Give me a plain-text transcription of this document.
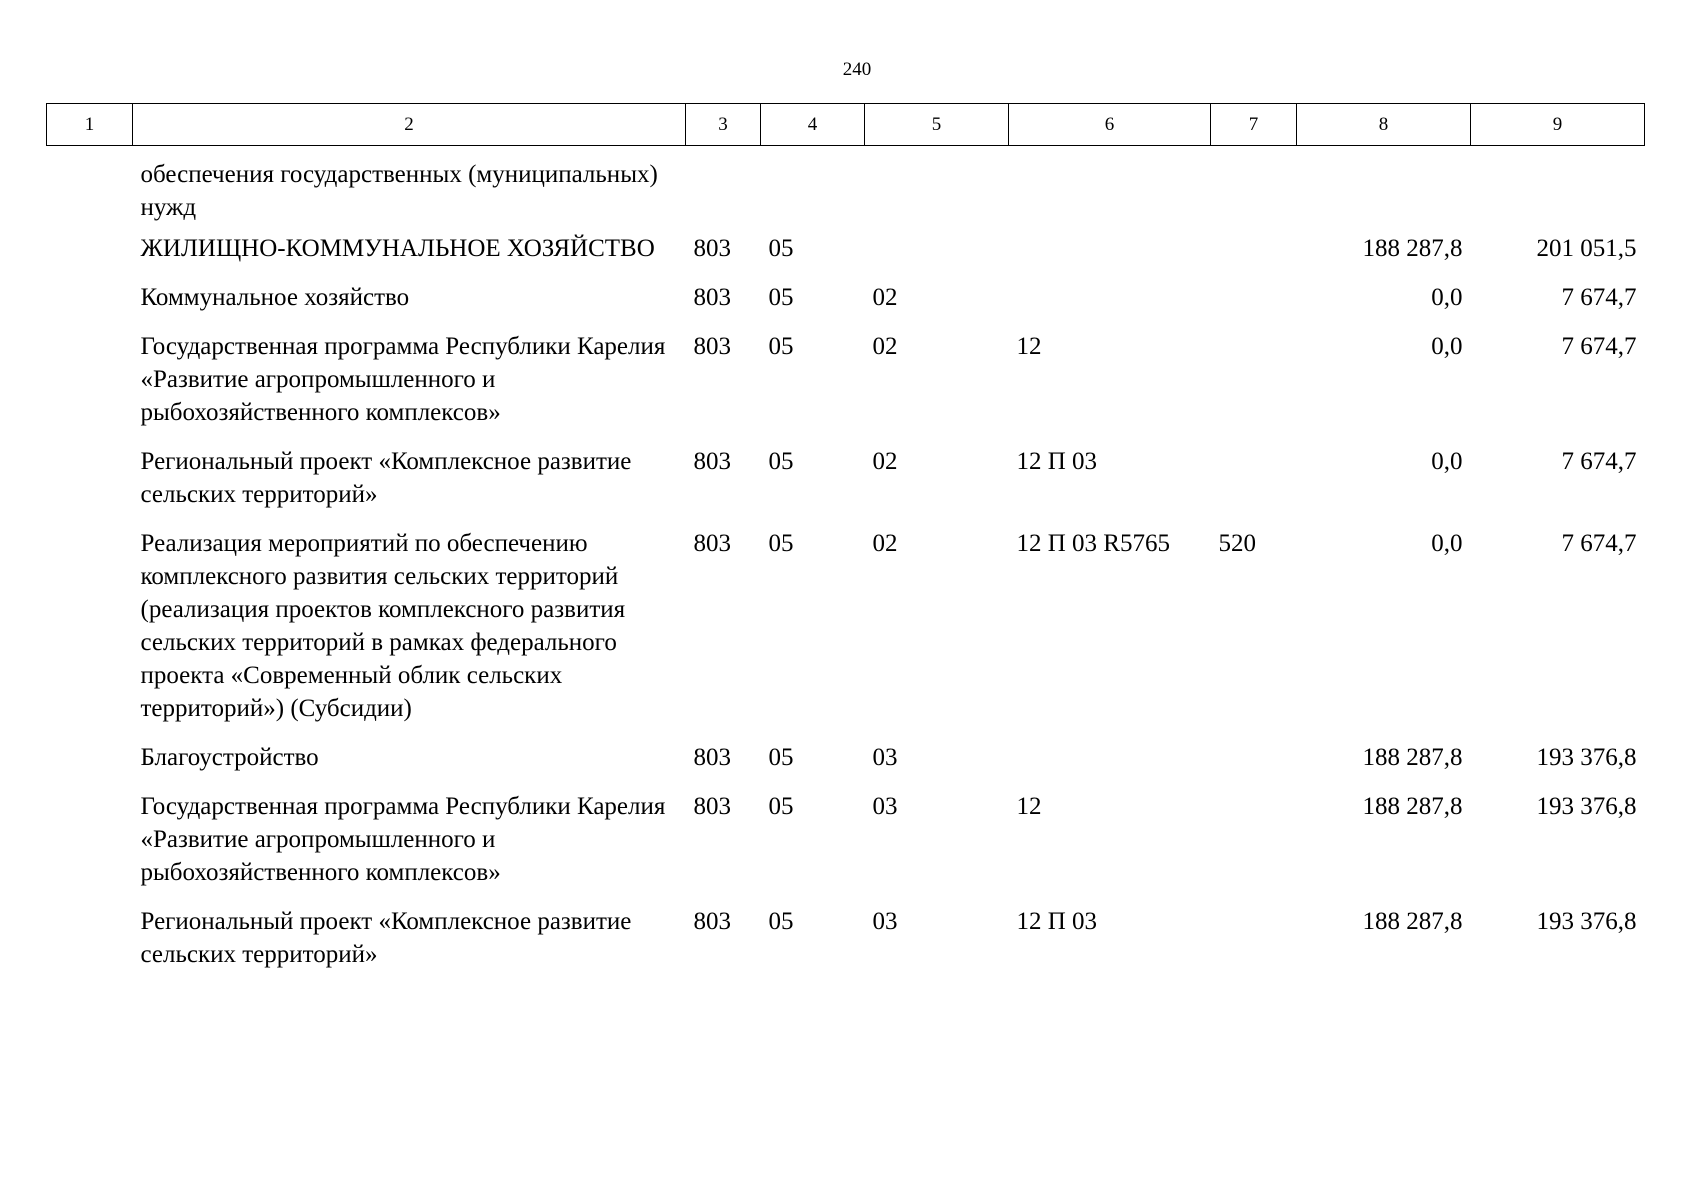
240
1	2	3	4	5	6	7	8	9
	обеспечения государственных (муниципальных) нужд							
	ЖИЛИЩНО-КОММУНАЛЬНОЕ ХОЗЯЙСТВО	803	05				188 287,8	201 051,5
	Коммунальное хозяйство	803	05	02			0,0	7 674,7
	Государственная программа Республики Карелия «Развитие агропромышленного и рыбохозяйственного комплексов»	803	05	02	12		0,0	7 674,7
	Региональный проект «Комплексное развитие сельских территорий»	803	05	02	12 П 03		0,0	7 674,7
	Реализация мероприятий по обеспечению комплексного развития сельских территорий (реализация проектов комплексного развития сельских территорий в рамках федерального проекта «Современный облик сельских территорий») (Субсидии)	803	05	02	12 П 03 R5765	520	0,0	7 674,7
	Благоустройство	803	05	03			188 287,8	193 376,8
	Государственная программа Республики Карелия «Развитие агропромышленного и рыбохозяйственного комплексов»	803	05	03	12		188 287,8	193 376,8
	Региональный проект «Комплексное развитие сельских территорий»	803	05	03	12 П 03		188 287,8	193 376,8
